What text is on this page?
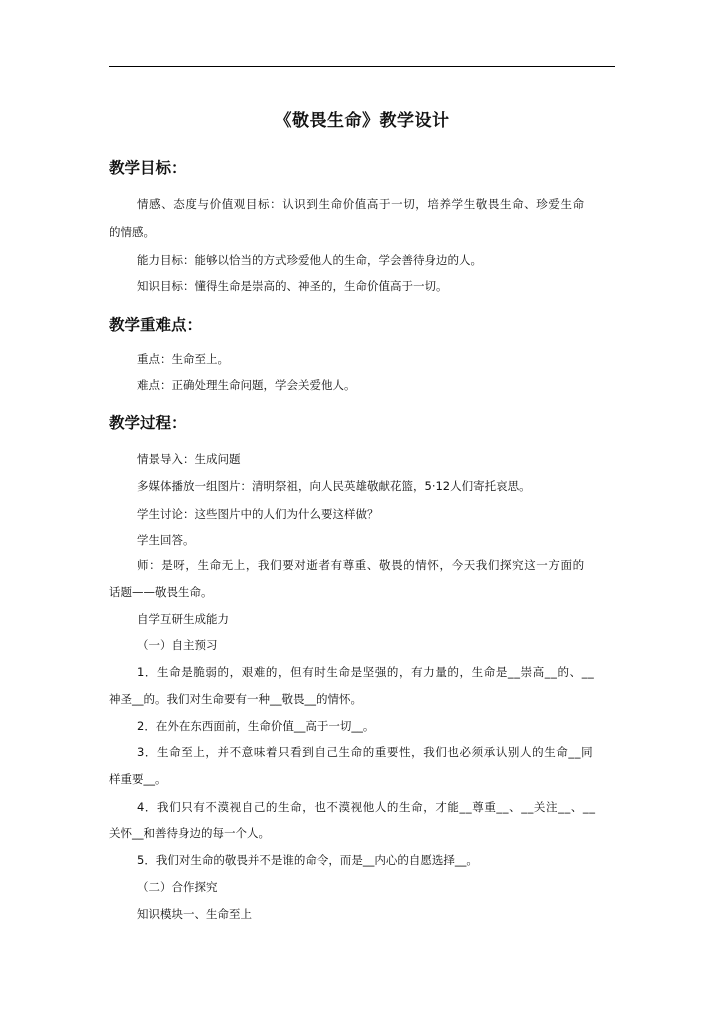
《敬畏生命》教学设计
教学目标：
情感、态度与价值观目标：认识到生命价值高于一切，培养学生敬畏生命、珍爱生命
的情感。
能力目标：能够以恰当的方式珍爱他人的生命，学会善待身边的人。
知识目标：懂得生命是崇高的、神圣的，生命价值高于一切。
教学重难点：
重点：生命至上。
难点：正确处理生命问题，学会关爱他人。
教学过程：
情景导入：生成问题
多媒体播放一组图片：清明祭祖，向人民英雄敬献花篮，5·12人们寄托哀思。
学生讨论：这些图片中的人们为什么要这样做？
学生回答。
师：是呀，生命无上，我们要对逝者有尊重、敬畏的情怀，今天我们探究这一方面的
话题——敬畏生命。
自学互研生成能力
（一）自主预习
1．生命是脆弱的，艰难的，但有时生命是坚强的，有力量的，生命是__崇高__的、__
神圣__的。我们对生命要有一种__敬畏__的情怀。
2．在外在东西面前，生命价值__高于一切__。
3．生命至上，并不意味着只看到自己生命的重要性，我们也必须承认别人的生命__同
样重要__。
4．我们只有不漠视自己的生命，也不漠视他人的生命，才能__尊重__、__关注__、__
关怀__和善待身边的每一个人。
5．我们对生命的敬畏并不是谁的命令，而是__内心的自愿选择__。
（二）合作探究
知识模块一、生命至上
